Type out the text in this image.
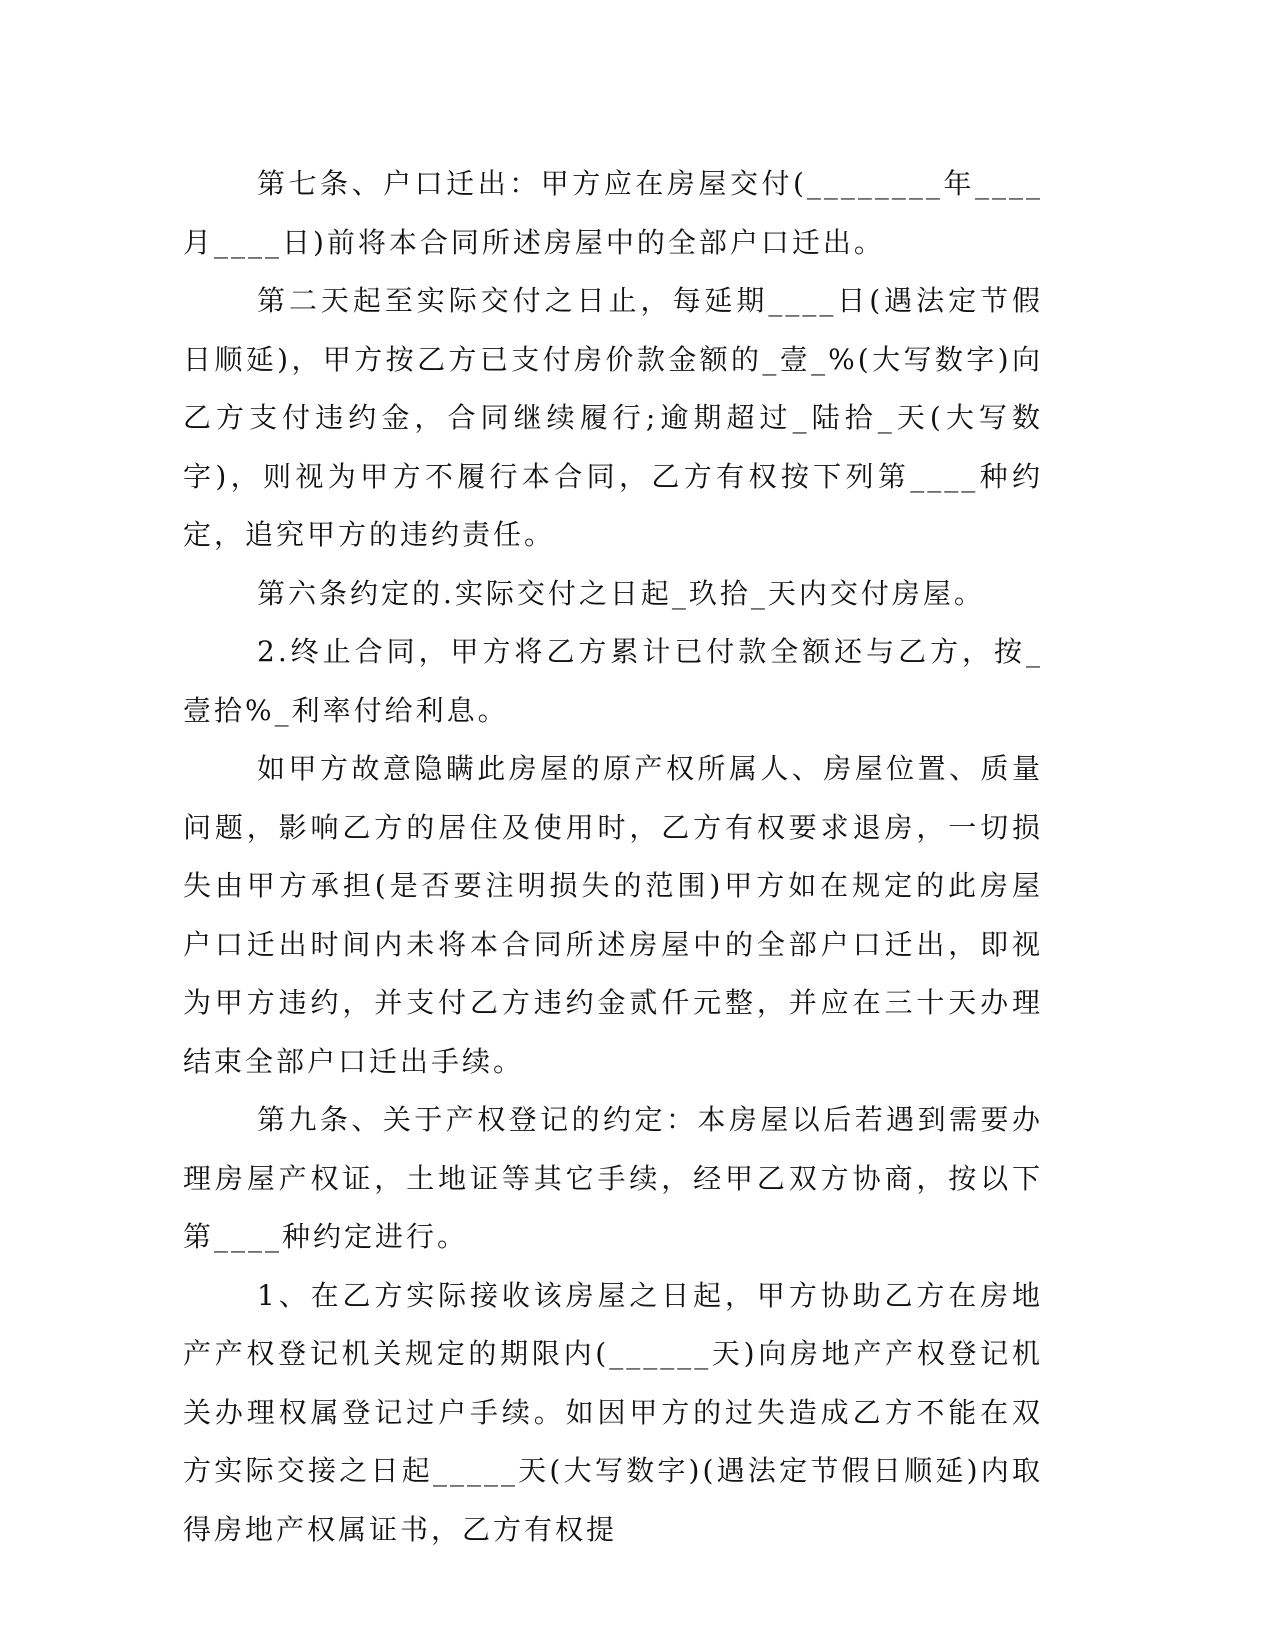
第七条、户口迁出：甲方应在房屋交付(________年____月____日)前将本合同所述房屋中的全部户口迁出。

第二天起至实际交付之日止，每延期____日(遇法定节假日顺延)，甲方按乙方已支付房价款金额的_壹_%(大写数字)向乙方支付违约金，合同继续履行;逾期超过_陆拾_天(大写数字)，则视为甲方不履行本合同，乙方有权按下列第____种约定，追究甲方的违约责任。

第六条约定的.实际交付之日起_玖拾_天内交付房屋。

2.终止合同，甲方将乙方累计已付款全额还与乙方，按_壹拾%_利率付给利息。

如甲方故意隐瞒此房屋的原产权所属人、房屋位置、质量问题，影响乙方的居住及使用时，乙方有权要求退房，一切损失由甲方承担(是否要注明损失的范围)甲方如在规定的此房屋户口迁出时间内未将本合同所述房屋中的全部户口迁出，即视为甲方违约，并支付乙方违约金贰仟元整，并应在三十天办理结束全部户口迁出手续。

第九条、关于产权登记的约定：本房屋以后若遇到需要办理房屋产权证，土地证等其它手续，经甲乙双方协商，按以下第____种约定进行。

1、在乙方实际接收该房屋之日起，甲方协助乙方在房地产产权登记机关规定的期限内(______天)向房地产产权登记机关办理权属登记过户手续。如因甲方的过失造成乙方不能在双方实际交接之日起_____天(大写数字)(遇法定节假日顺延)内取得房地产权属证书，乙方有权提
